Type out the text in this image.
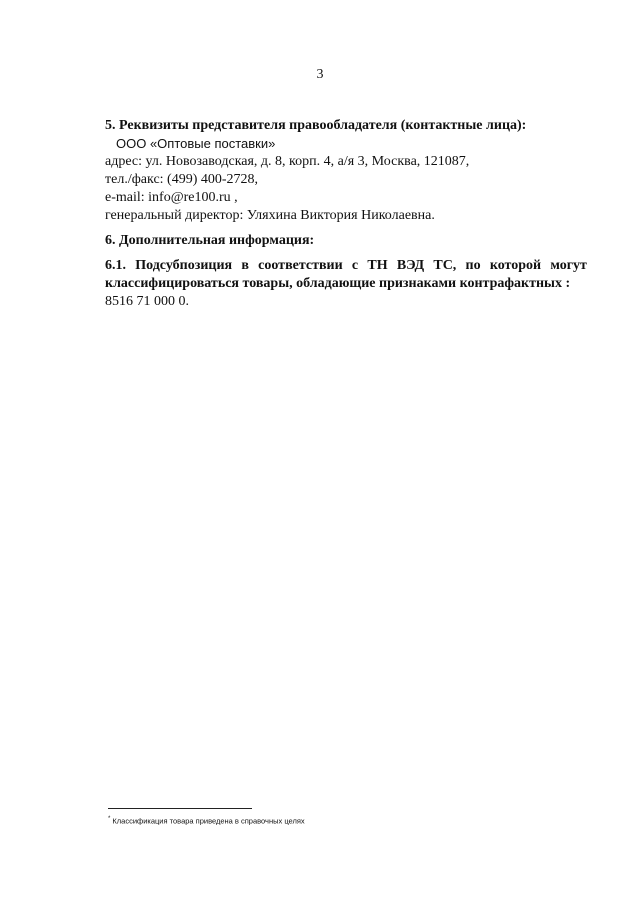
3
5. Реквизиты представителя правообладателя (контактные лица):
ООО «Оптовые поставки»
адрес: ул. Новозаводская, д. 8, корп. 4, а/я 3, Москва, 121087,
тел./факс: (499) 400-2728,
e-mail: info@re100.ru ,
генеральный директор: Уляхина Виктория Николаевна.
6. Дополнительная информация:
6.1. Подсубпозиция в соответствии с ТН ВЭД ТС, по которой могут
классифицироваться товары, обладающие признаками контрафактных :
8516 71 000 0.
* Классификация товара приведена в справочных целях
